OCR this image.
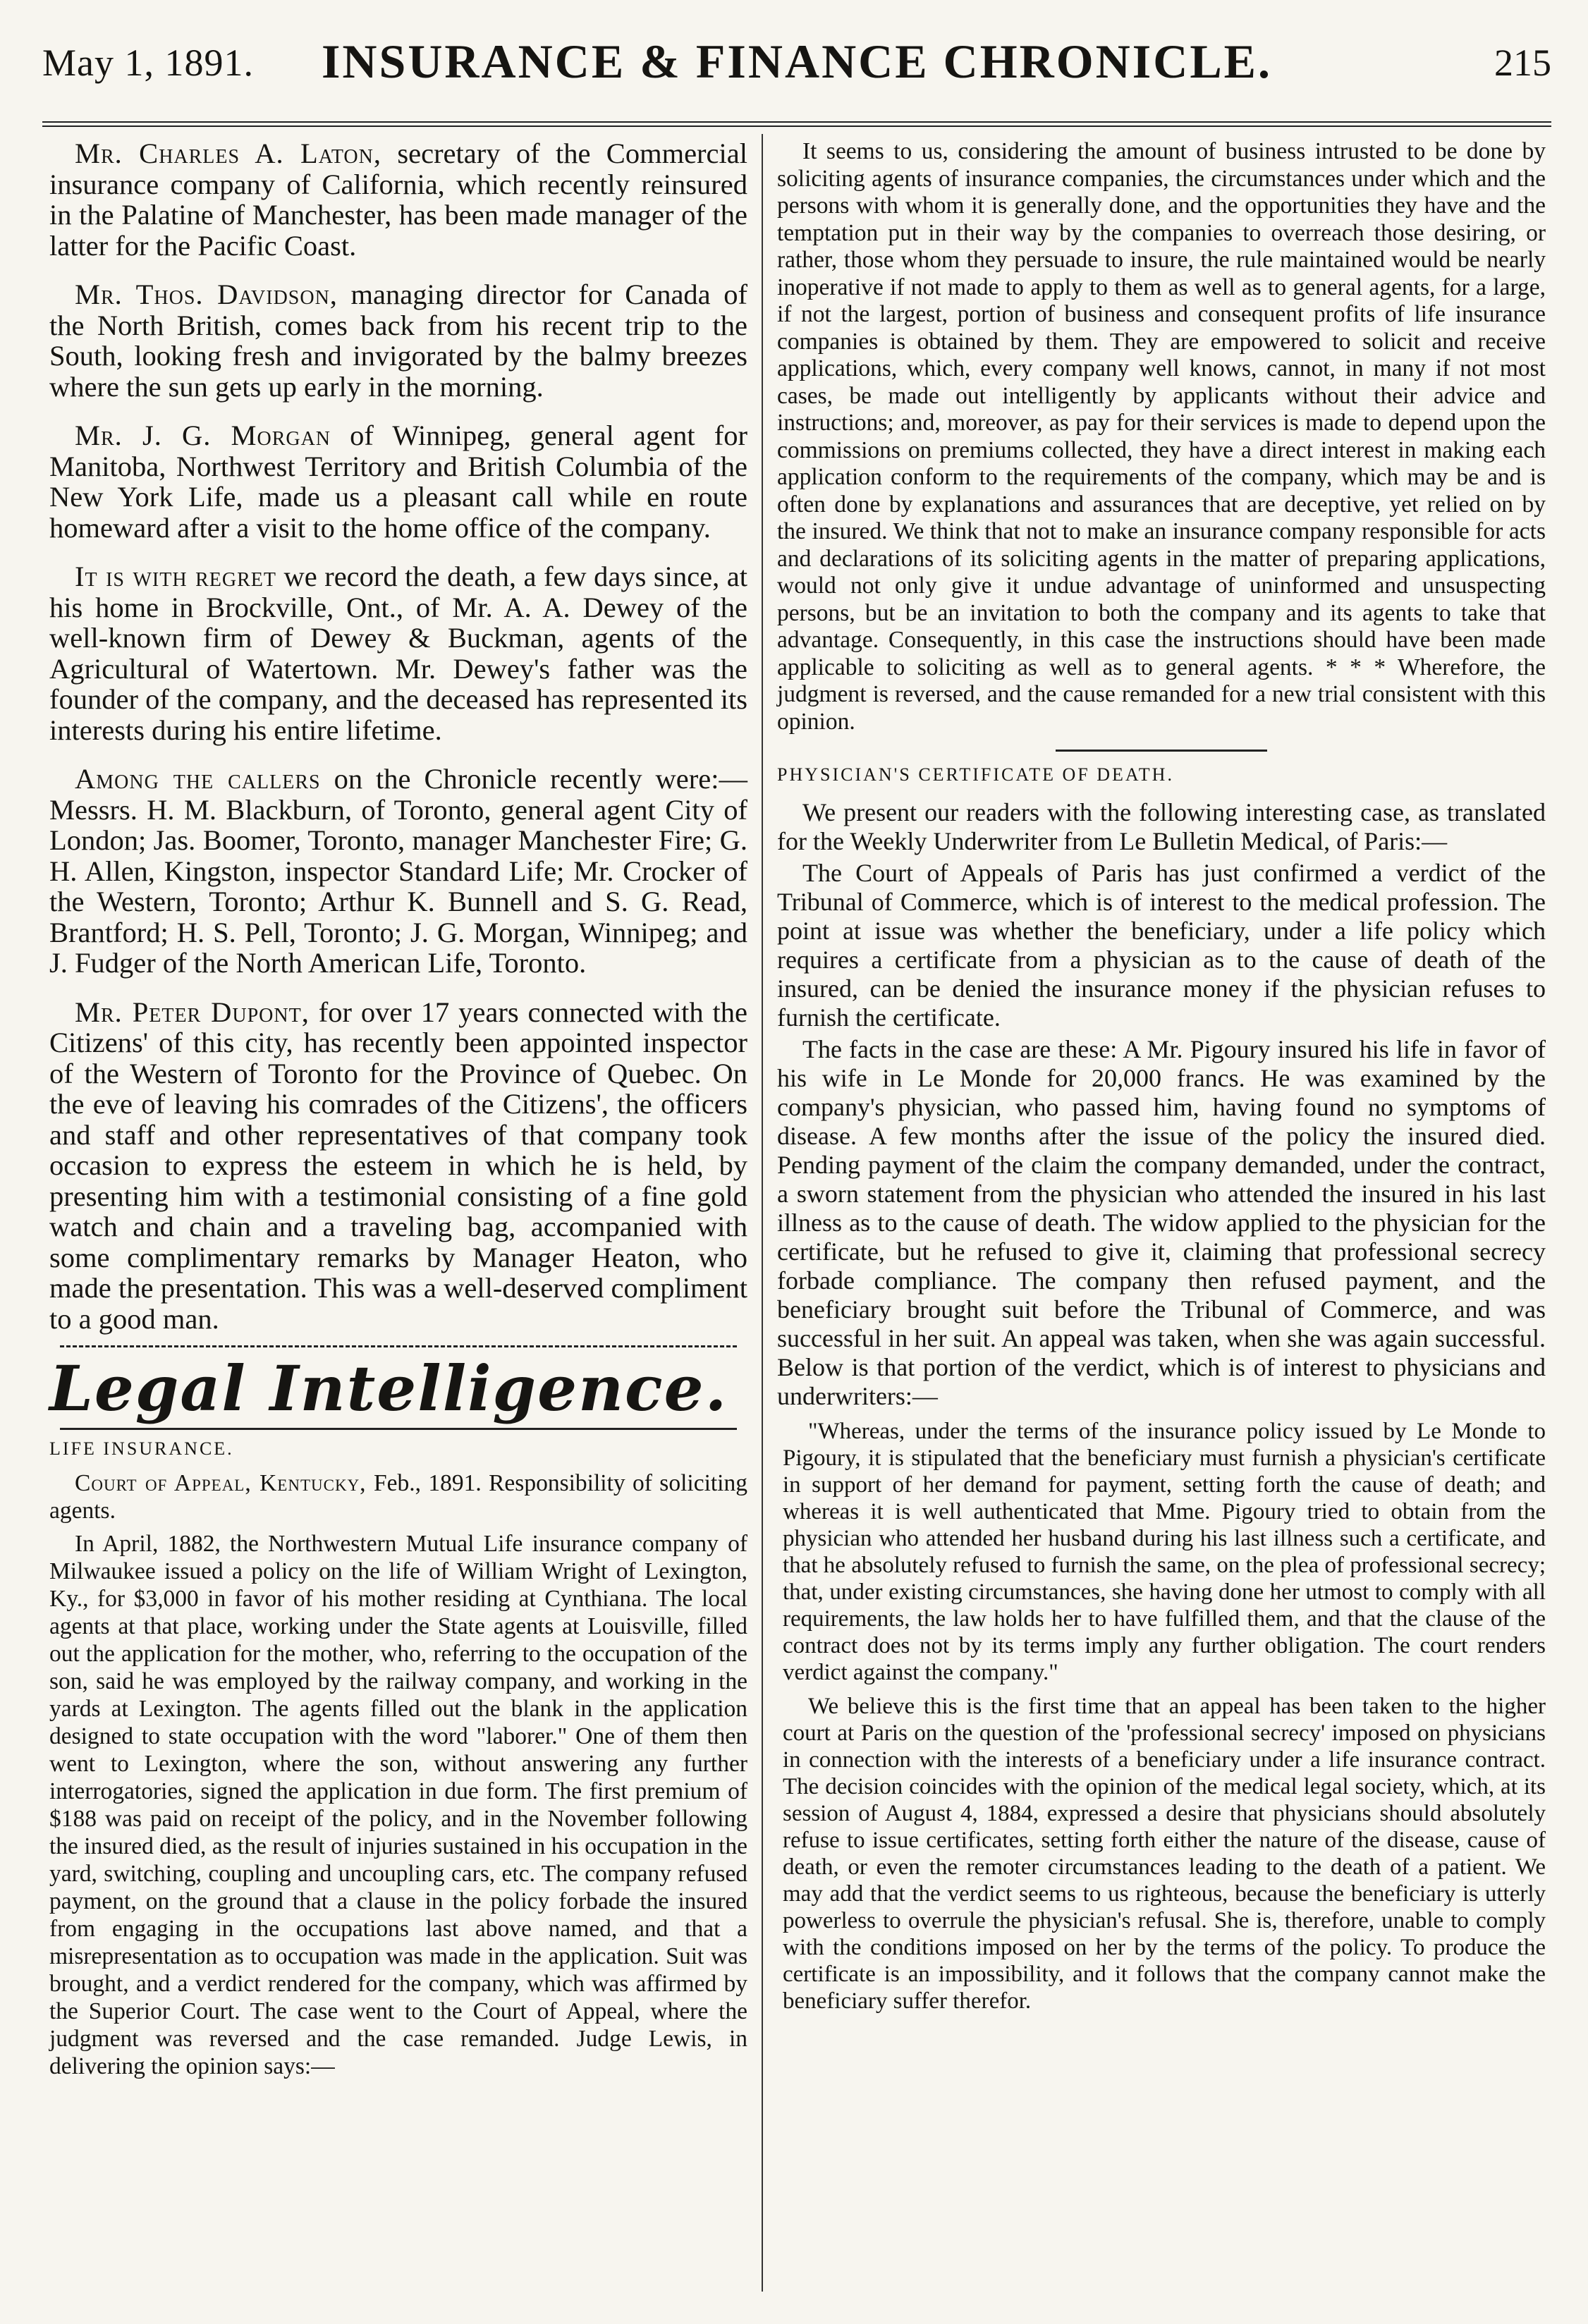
May 1, 1891.	INSURANCE & FINANCE CHRONICLE.	215

Mr. Charles A. Laton, secretary of the Commercial insurance company of California, which recently reinsured in the Palatine of Manchester, has been made manager of the latter for the Pacific Coast.

Mr. Thos. Davidson, managing director for Canada of the North British, comes back from his recent trip to the South, looking fresh and invigorated by the balmy breezes where the sun gets up early in the morning.

Mr. J. G. Morgan of Winnipeg, general agent for Manitoba, Northwest Territory and British Columbia of the New York Life, made us a pleasant call while en route homeward after a visit to the home office of the company.

It is with regret we record the death, a few days since, at his home in Brockville, Ont., of Mr. A. A. Dewey of the well-known firm of Dewey & Buckman, agents of the Agricultural of Watertown. Mr. Dewey's father was the founder of the company, and the deceased has represented its interests during his entire lifetime.

Among the callers on the Chronicle recently were:—Messrs. H. M. Blackburn, of Toronto, general agent City of London; Jas. Boomer, Toronto, manager Manchester Fire; G. H. Allen, Kingston, inspector Standard Life; Mr. Crocker of the Western, Toronto; Arthur K. Bunnell and S. G. Read, Brantford; H. S. Pell, Toronto; J. G. Morgan, Winnipeg; and J. Fudger of the North American Life, Toronto.

Mr. Peter Dupont, for over 17 years connected with the Citizens' of this city, has recently been appointed inspector of the Western of Toronto for the Province of Quebec. On the eve of leaving his comrades of the Citizens', the officers and staff and other representatives of that company took occasion to express the esteem in which he is held, by presenting him with a testimonial consisting of a fine gold watch and chain and a traveling bag, accompanied with some complimentary remarks by Manager Heaton, who made the presentation. This was a well-deserved compliment to a good man.

Legal Intelligence.

LIFE INSURANCE.

Court of Appeal, Kentucky, Feb., 1891. Responsibility of soliciting agents.

In April, 1882, the Northwestern Mutual Life insurance company of Milwaukee issued a policy on the life of William Wright of Lexington, Ky., for $3,000 in favor of his mother residing at Cynthiana. The local agents at that place, working under the State agents at Louisville, filled out the application for the mother, who, referring to the occupation of the son, said he was employed by the railway company, and working in the yards at Lexington. The agents filled out the blank in the application designed to state occupation with the word "laborer." One of them then went to Lexington, where the son, without answering any further interrogatories, signed the application in due form. The first premium of $188 was paid on receipt of the policy, and in the November following the insured died, as the result of injuries sustained in his occupation in the yard, switching, coupling and uncoupling cars, etc. The company refused payment, on the ground that a clause in the policy forbade the insured from engaging in the occupations last above named, and that a misrepresentation as to occupation was made in the application. Suit was brought, and a verdict rendered for the company, which was affirmed by the Superior Court. The case went to the Court of Appeal, where the judgment was reversed and the case remanded. Judge Lewis, in delivering the opinion says:—

It seems to us, considering the amount of business intrusted to be done by soliciting agents of insurance companies, the circumstances under which and the persons with whom it is generally done, and the opportunities they have and the temptation put in their way by the companies to overreach those desiring, or rather, those whom they persuade to insure, the rule maintained would be nearly inoperative if not made to apply to them as well as to general agents, for a large, if not the largest, portion of business and consequent profits of life insurance companies is obtained by them. They are empowered to solicit and receive applications, which, every company well knows, cannot, in many if not most cases, be made out intelligently by applicants without their advice and instructions; and, moreover, as pay for their services is made to depend upon the commissions on premiums collected, they have a direct interest in making each application conform to the requirements of the company, which may be and is often done by explanations and assurances that are deceptive, yet relied on by the insured. We think that not to make an insurance company responsible for acts and declarations of its soliciting agents in the matter of preparing applications, would not only give it undue advantage of uninformed and unsuspecting persons, but be an invitation to both the company and its agents to take that advantage. Consequently, in this case the instructions should have been made applicable to soliciting as well as to general agents. * * * Wherefore, the judgment is reversed, and the cause remanded for a new trial consistent with this opinion.

PHYSICIAN'S CERTIFICATE OF DEATH.

We present our readers with the following interesting case, as translated for the Weekly Underwriter from Le Bulletin Medical, of Paris:—

The Court of Appeals of Paris has just confirmed a verdict of the Tribunal of Commerce, which is of interest to the medical profession. The point at issue was whether the beneficiary, under a life policy which requires a certificate from a physician as to the cause of death of the insured, can be denied the insurance money if the physician refuses to furnish the certificate.

The facts in the case are these: A Mr. Pigoury insured his life in favor of his wife in Le Monde for 20,000 francs. He was examined by the company's physician, who passed him, having found no symptoms of disease. A few months after the issue of the policy the insured died. Pending payment of the claim the company demanded, under the contract, a sworn statement from the physician who attended the insured in his last illness as to the cause of death. The widow applied to the physician for the certificate, but he refused to give it, claiming that professional secrecy forbade compliance. The company then refused payment, and the beneficiary brought suit before the Tribunal of Commerce, and was successful in her suit. An appeal was taken, when she was again successful. Below is that portion of the verdict, which is of interest to physicians and underwriters:—

"Whereas, under the terms of the insurance policy issued by Le Monde to Pigoury, it is stipulated that the beneficiary must furnish a physician's certificate in support of her demand for payment, setting forth the cause of death; and whereas it is well authenticated that Mme. Pigoury tried to obtain from the physician who attended her husband during his last illness such a certificate, and that he absolutely refused to furnish the same, on the plea of professional secrecy; that, under existing circumstances, she having done her utmost to comply with all requirements, the law holds her to have fulfilled them, and that the clause of the contract does not by its terms imply any further obligation. The court renders verdict against the company."

We believe this is the first time that an appeal has been taken to the higher court at Paris on the question of the 'professional secrecy' imposed on physicians in connection with the interests of a beneficiary under a life insurance contract. The decision coincides with the opinion of the medical legal society, which, at its session of August 4, 1884, expressed a desire that physicians should absolutely refuse to issue certificates, setting forth either the nature of the disease, cause of death, or even the remoter circumstances leading to the death of a patient. We may add that the verdict seems to us righteous, because the beneficiary is utterly powerless to overrule the physician's refusal. She is, therefore, unable to comply with the conditions imposed on her by the terms of the policy. To produce the certificate is an impossibility, and it follows that the company cannot make the beneficiary suffer therefor.
